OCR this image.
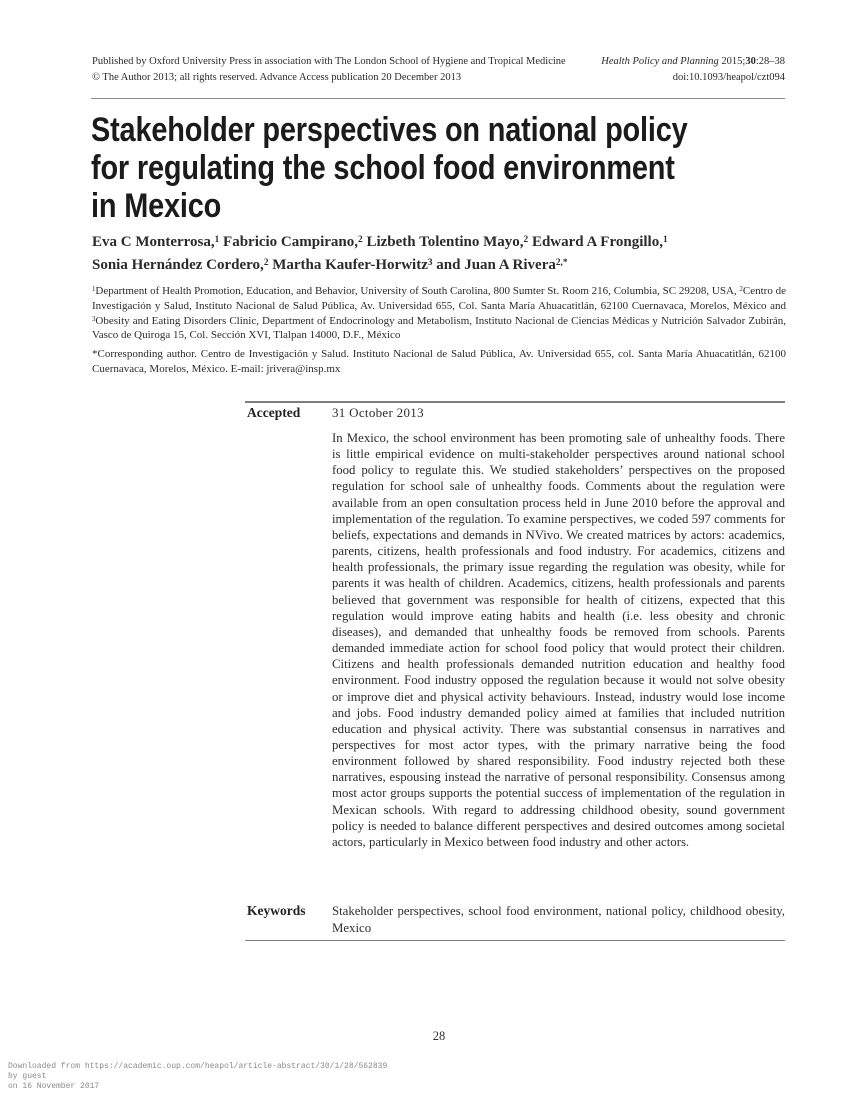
Published by Oxford University Press in association with The London School of Hygiene and Tropical Medicine
© The Author 2013; all rights reserved. Advance Access publication 20 December 2013
Health Policy and Planning 2015;30:28–38
doi:10.1093/heapol/czt094
Stakeholder perspectives on national policy
for regulating the school food environment
in Mexico
Eva C Monterrosa,$^1$ Fabricio Campirano,$^2$ Lizbeth Tolentino Mayo,$^2$ Edward A Frongillo,$^1$
Sonia Hernández Cordero,$^2$ Martha Kaufer-Horwitz$^3$ and Juan A Rivera$^{2,*}$
$^1$Department of Health Promotion, Education, and Behavior, University of South Carolina, 800 Sumter St. Room 216, Columbia, SC 29208, USA, $^2$Centro de Investigación y Salud, Instituto Nacional de Salud Pública, Av. Universidad 655, Col. Santa María Ahuacatitlán, 62100 Cuernavaca, Morelos, México and $^3$Obesity and Eating Disorders Clinic, Department of Endocrinology and Metabolism, Instituto Nacional de Ciencias Médicas y Nutrición Salvador Zubirán, Vasco de Quiroga 15, Col. Sección XVI, Tlalpan 14000, D.F., México
*Corresponding author. Centro de Investigación y Salud. Instituto Nacional de Salud Pública, Av. Universidad 655, col. Santa María Ahuacatitlán, 62100 Cuernavaca, Morelos, México. E-mail: jrivera@insp.mx
Accepted 31 October 2013
In Mexico, the school environment has been promoting sale of unhealthy foods. There is little empirical evidence on multi-stakeholder perspectives around national school food policy to regulate this. We studied stakeholders’ perspectives on the proposed regulation for school sale of unhealthy foods. Comments about the regulation were available from an open consultation process held in June 2010 before the approval and implementation of the regulation. To examine perspectives, we coded 597 comments for beliefs, expectations and demands in NVivo. We created matrices by actors: academics, parents, citizens, health professionals and food industry. For academics, citizens and health professionals, the primary issue regarding the regulation was obesity, while for parents it was health of children. Academics, citizens, health professionals and parents believed that government was responsible for health of citizens, expected that this regulation would improve eating habits and health (i.e. less obesity and chronic diseases), and demanded that unhealthy foods be removed from schools. Parents demanded immediate action for school food policy that would protect their children. Citizens and health professionals demanded nutrition education and healthy food environment. Food industry opposed the regulation because it would not solve obesity or improve diet and physical activity behaviours. Instead, industry would lose income and jobs. Food industry demanded policy aimed at families that included nutrition education and physical activity. There was substantial consensus in narratives and perspectives for most actor types, with the primary narrative being the food environment followed by shared responsibility. Food industry rejected both these narratives, espousing instead the narrative of personal responsibility. Consensus among most actor groups supports the potential success of implementation of the regulation in Mexican schools. With regard to addressing childhood obesity, sound government policy is needed to balance different perspectives and desired outcomes among societal actors, particularly in Mexico between food industry and other actors.
Keywords Stakeholder perspectives, school food environment, national policy, childhood obesity, Mexico
28
Downloaded from https://academic.oup.com/heapol/article-abstract/30/1/28/562839
by guest
on 16 November 2017
